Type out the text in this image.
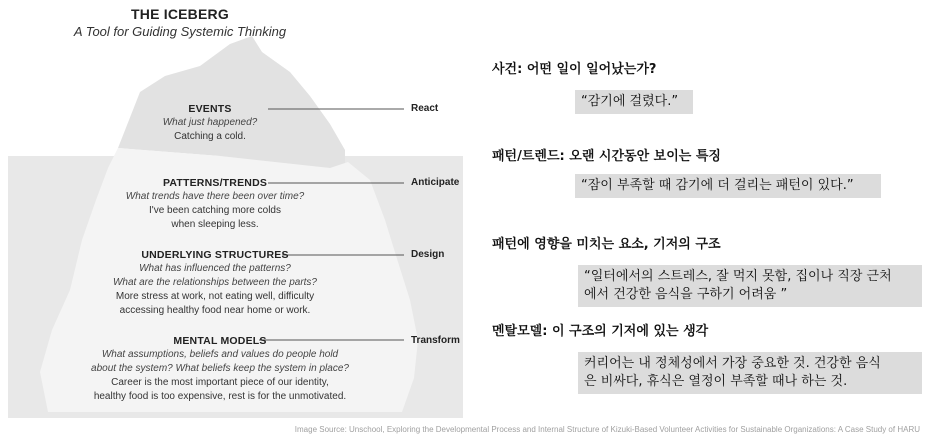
THE ICEBERG
A Tool for Guiding Systemic Thinking
EVENTS
What just happened?
Catching a cold.
React
PATTERNS/TRENDS
What trends have there been over time?
I've been catching more colds
when sleeping less.
Anticipate
UNDERLYING STRUCTURES
What has influenced the patterns?
What are the relationships between the parts?
More stress at work, not eating well, difficulty
accessing healthy food near home or work.
Design
MENTAL MODELS
What assumptions, beliefs and values do people hold
about the system? What beliefs keep the system in place?
Career is the most important piece of our identity,
healthy food is too expensive, rest is for the unmotivated.
Transform
사건: 어떤 일이 일어났는가?
“감기에 걸렸다.”
패턴/트렌드: 오랜 시간동안 보이는 특징
“잠이 부족할 때 감기에 더 걸리는 패턴이 있다.”
패턴에 영향을 미치는 요소, 기저의 구조
“일터에서의 스트레스, 잘 먹지 못함, 집이나 직장 근처
에서 건강한 음식을 구하기 어려움 ”
멘탈모델: 이 구조의 기저에 있는 생각
커리어는 내 정체성에서 가장 중요한 것. 건강한 음식
은 비싸다, 휴식은 열정이 부족할 때나 하는 것.
Image Source: Unschool, Exploring the Developmental Process and Internal Structure of Kizuki-Based Volunteer Activities for Sustainable Organizations: A Case Study of HARU
